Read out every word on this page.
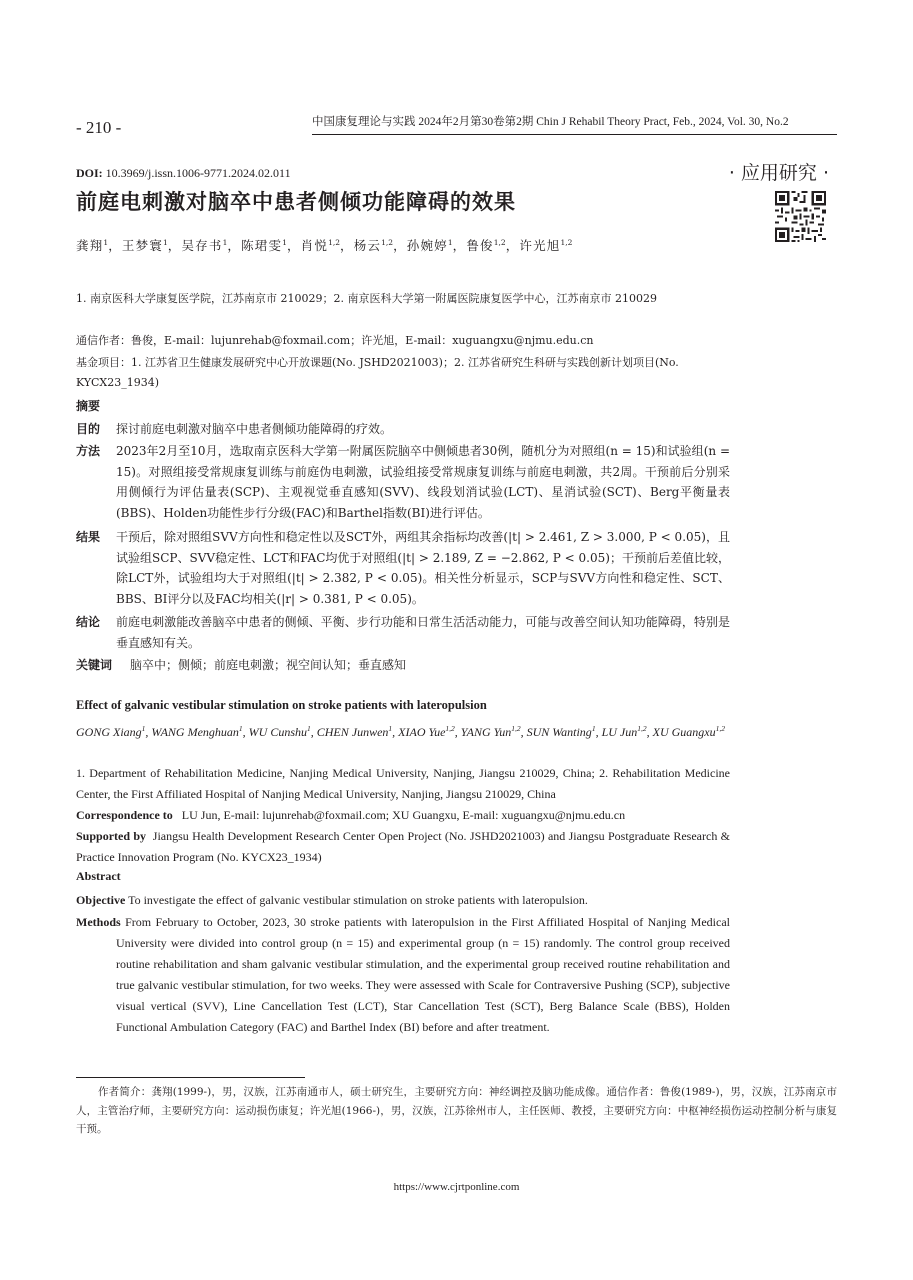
- 210 -	中国康复理论与实践 2024年2月第30卷第2期 Chin J Rehabil Theory Pract, Feb., 2024, Vol. 30, No.2
DOI: 10.3969/j.issn.1006-9771.2024.02.011	· 应用研究 ·
前庭电刺激对脑卒中患者侧倾功能障碍的效果
龚翔$^1$，王梦寰$^1$，吴存书$^1$，陈珺雯$^1$，肖悦$^{1,2}$，杨云$^{1,2}$，孙婉婷$^1$，鲁俊$^{1,2}$，许光旭$^{1,2}$
1. 南京医科大学康复医学院，江苏南京市 210029；2. 南京医科大学第一附属医院康复医学中心，江苏南京市 210029
通信作者：鲁俊，E-mail：lujunrehab@foxmail.com；许光旭，E-mail：xuguangxu@njmu.edu.cn
基金项目：1. 江苏省卫生健康发展研究中心开放课题(No. JSHD2021003)；2. 江苏省研究生科研与实践创新计划项目(No. KYCX23_1934)
摘要
目的 探讨前庭电刺激对脑卒中患者侧倾功能障碍的疗效。
方法 2023年2月至10月，选取南京医科大学第一附属医院脑卒中侧倾患者30例，随机分为对照组(n = 15)和试验组(n = 15)。对照组接受常规康复训练与前庭伪电刺激，试验组接受常规康复训练与前庭电刺激，共2周。干预前后分别采用侧倾行为评估量表(SCP)、主观视觉垂直感知(SVV)、线段划消试验(LCT)、星消试验(SCT)、Berg平衡量表(BBS)、Holden功能性步行分级(FAC)和Barthel指数(BI)进行评估。
结果 干预后，除对照组SVV方向性和稳定性以及SCT外，两组其余指标均改善(|t| > 2.461, Z > 3.000, P < 0.05)，且试验组SCP、SVV稳定性、LCT和FAC均优于对照组(|t| > 2.189, Z = −2.862, P < 0.05)；干预前后差值比较，除LCT外，试验组均大于对照组(|t| > 2.382, P < 0.05)。相关性分析显示，SCP与SVV方向性和稳定性、SCT、BBS、BI评分以及FAC均相关(|r| > 0.381, P < 0.05)。
结论 前庭电刺激能改善脑卒中患者的侧倾、平衡、步行功能和日常生活活动能力，可能与改善空间认知功能障碍，特别是垂直感知有关。
关键词 脑卒中；侧倾；前庭电刺激；视空间认知；垂直感知
Effect of galvanic vestibular stimulation on stroke patients with lateropulsion
GONG Xiang$^1$, WANG Menghuan$^1$, WU Cunshu$^1$, CHEN Junwen$^1$, XIAO Yue$^{1,2}$, YANG Yun$^{1,2}$, SUN Wanting$^1$, LU Jun$^{1,2}$, XU Guangxu$^{1,2}$
1. Department of Rehabilitation Medicine, Nanjing Medical University, Nanjing, Jiangsu 210029, China; 2. Rehabilitation Medicine Center, the First Affiliated Hospital of Nanjing Medical University, Nanjing, Jiangsu 210029, China
Correspondence to LU Jun, E-mail: lujunrehab@foxmail.com; XU Guangxu, E-mail: xuguangxu@njmu.edu.cn
Supported by Jiangsu Health Development Research Center Open Project (No. JSHD2021003) and Jiangsu Postgraduate Research & Practice Innovation Program (No. KYCX23_1934)
Abstract
Objective To investigate the effect of galvanic vestibular stimulation on stroke patients with lateropulsion.
Methods From February to October, 2023, 30 stroke patients with lateropulsion in the First Affiliated Hospital of Nanjing Medical University were divided into control group (n = 15) and experimental group (n = 15) randomly. The control group received routine rehabilitation and sham galvanic vestibular stimulation, and the experimental group received routine rehabilitation and true galvanic vestibular stimulation, for two weeks. They were assessed with Scale for Contraversive Pushing (SCP), subjective visual vertical (SVV), Line Cancellation Test (LCT), Star Cancellation Test (SCT), Berg Balance Scale (BBS), Holden Functional Ambulation Category (FAC) and Barthel Index (BI) before and after treatment.
作者简介：龚翔(1999-)，男，汉族，江苏南通市人，硕士研究生，主要研究方向：神经调控及脑功能成像。通信作者：鲁俊(1989-)，男，汉族，江苏南京市人，主管治疗师，主要研究方向：运动损伤康复；许光旭(1966-)，男，汉族，江苏徐州市人，主任医师、教授，主要研究方向：中枢神经损伤运动控制分析与康复干预。
https://www.cjrtponline.com
